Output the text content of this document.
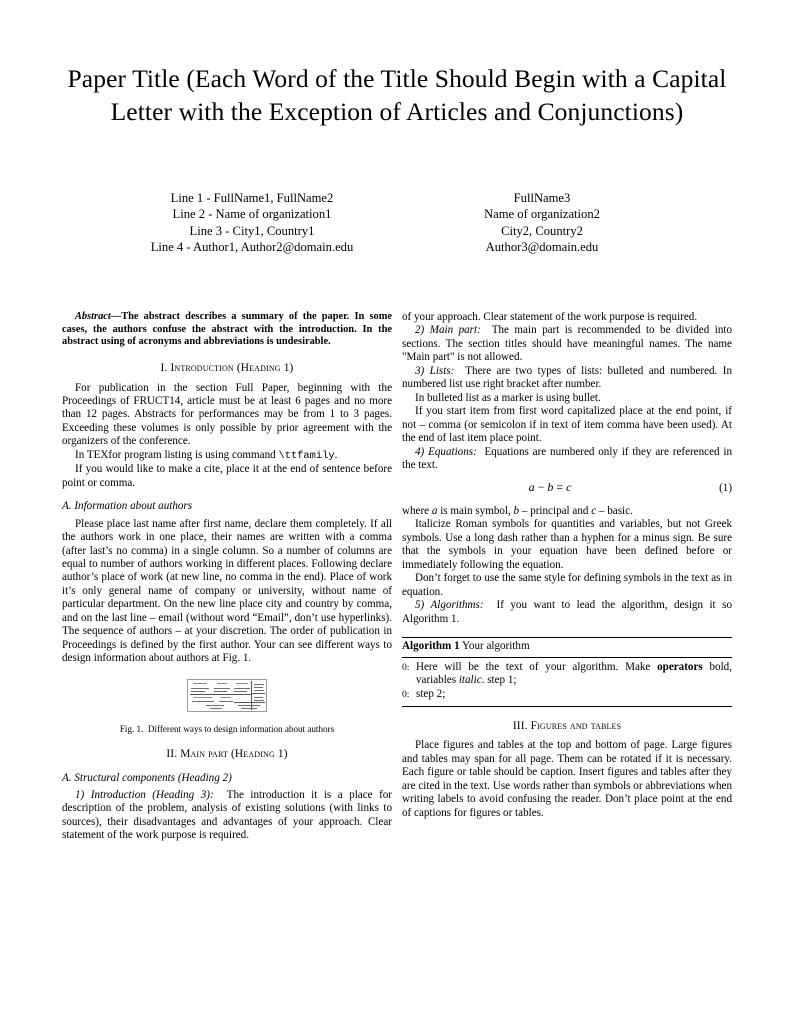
Paper Title (Each Word of the Title Should Begin with a Capital Letter with the Exception of Articles and Conjunctions)
Line 1 - FullName1, FullName2
Line 2 - Name of organization1
Line 3 - City1, Country1
Line 4 - Author1, Author2@domain.edu
FullName3
Name of organization2
City2, Country2
Author3@domain.edu

Abstract—The abstract describes a summary of the paper. In some cases, the authors confuse the abstract with the introduction. In the abstract using of acronyms and abbreviations is undesirable.

I. Introduction (Heading 1)

For publication in the section Full Paper, beginning with the Proceedings of FRUCT14, article must be at least 6 pages and no more than 12 pages. Abstracts for performances may be from 1 to 3 pages. Exceeding these volumes is only possible by prior agreement with the organizers of the conference.

In TEXfor program listing is using command \ttfamily.

If you would like to make a cite, place it at the end of sentence before point or comma.

A. Information about authors

Please place last name after first name, declare them completely. If all the authors work in one place, their names are written with a comma (after last’s no comma) in a single column. So a number of columns are equal to number of authors working in different places. Following declare author’s place of work (at new line, no comma in the end). Place of work it’s only general name of company or university, without name of particular department. On the new line place city and country by comma, and on the last line – email (without word “Email”, don’t use hyperlinks). The sequence of authors – at your discretion. The order of publication in Proceedings is defined by the first author. Your can see different ways to design information about authors at Fig. 1.

Fig. 1. Different ways to design information about authors
II. Main part (Heading 1)
A. Structural components (Heading 2)

1) Introduction (Heading 3): The introduction it is a place for description of the problem, analysis of existing solutions (with links to sources), their disadvantages and advantages of your approach. Clear statement of the work purpose is required.

of your approach. Clear statement of the work purpose is required.

2) Main part: The main part is recommended to be divided into sections. The section titles should have meaningful names. The name "Main part" is not allowed.

3) Lists: There are two types of lists: bulleted and numbered. In numbered list use right bracket after number.

In bulleted list as a marker is using bullet.

If you start item from first word capitalized place at the end point, if not – comma (or semicolon if in text of item comma have been used). At the end of last item place point.

4) Equations: Equations are numbered only if they are referenced in the text.

a − b = c	(1)

where a is main symbol, b – principal and c – basic.

Italicize Roman symbols for quantities and variables, but not Greek symbols. Use a long dash rather than a hyphen for a minus sign. Be sure that the symbols in your equation have been defined before or immediately following the equation.

Don’t forget to use the same style for defining symbols in the text as in equation.

5) Algorithms: If you want to lead the algorithm, design it so Algorithm 1.

Algorithm 1 Your algorithm
0: Here will be the text of your algorithm. Make operators bold, variables italic. step 1;
0: step 2;
III. Figures and tables

Place figures and tables at the top and bottom of page. Large figures and tables may span for all page. Them can be rotated if it is necessary. Each figure or table should be caption. Insert figures and tables after they are cited in the text. Use words rather than symbols or abbreviations when writing labels to avoid confusing the reader. Don’t place point at the end of captions for figures or tables.
